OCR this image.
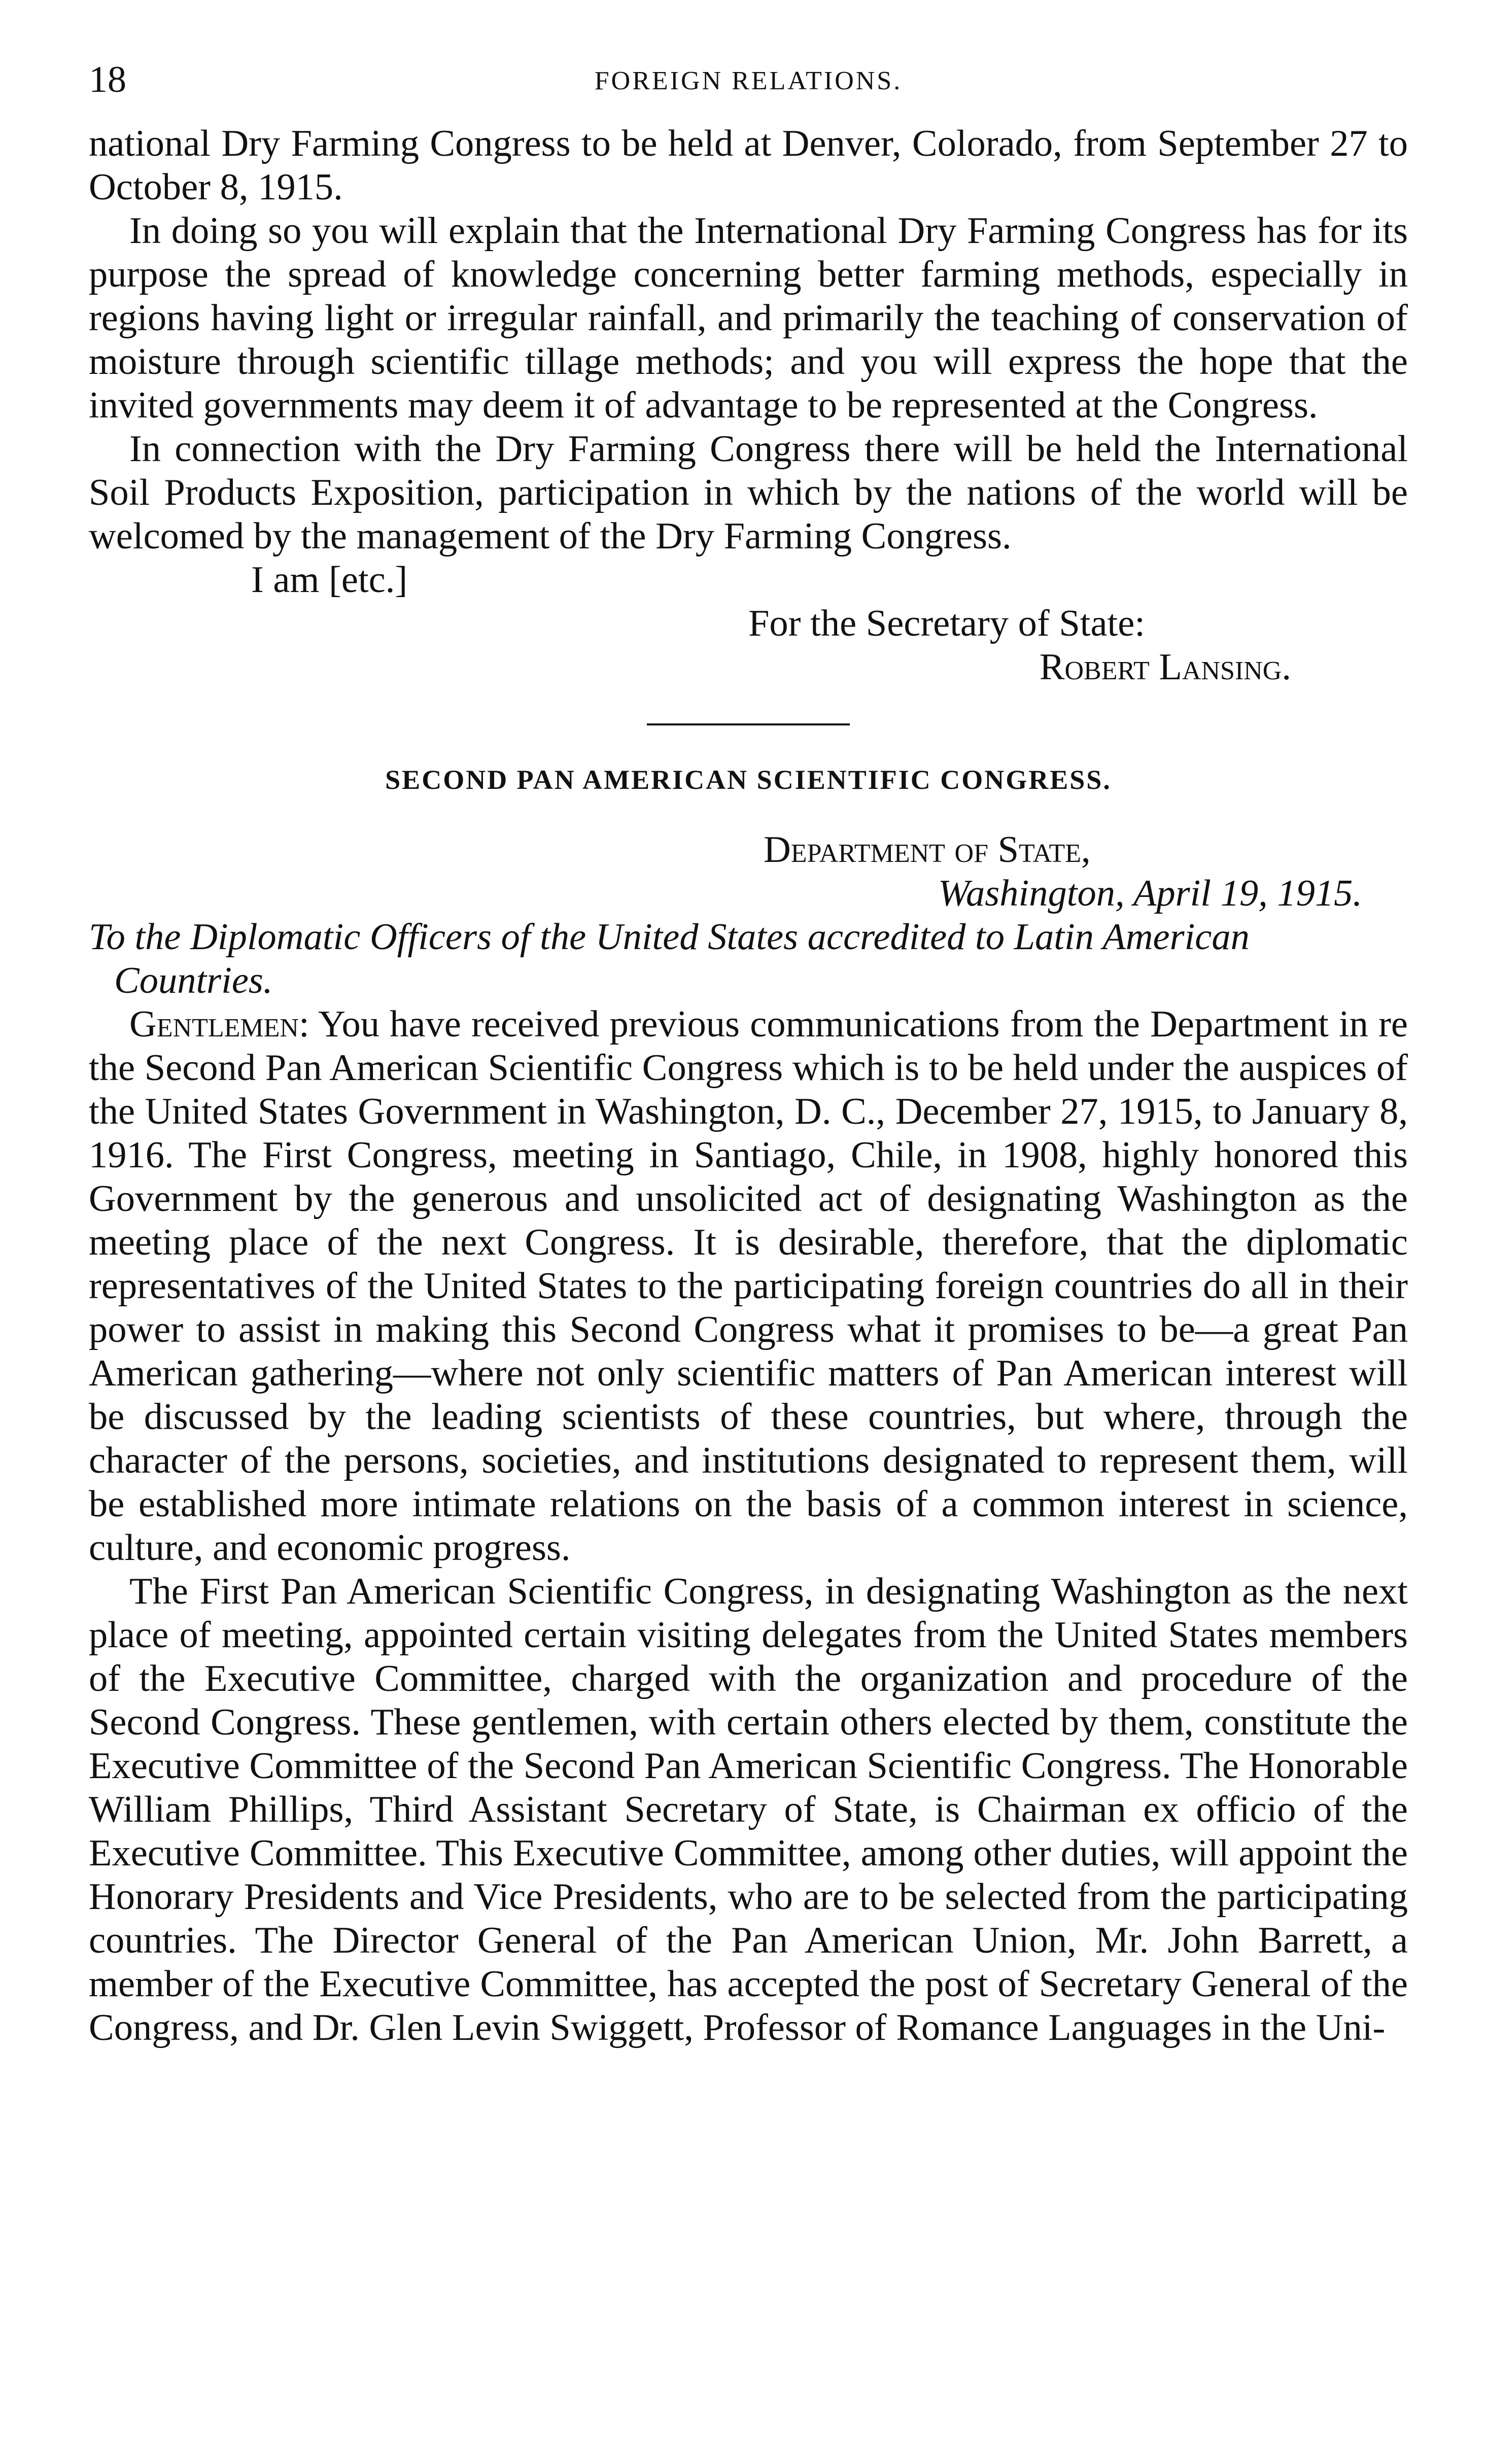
18	FOREIGN RELATIONS.

national Dry Farming Congress to be held at Denver, Colorado, from September 27 to October 8, 1915.

In doing so you will explain that the International Dry Farming Congress has for its purpose the spread of knowledge concerning better farming methods, especially in regions having light or irregular rainfall, and primarily the teaching of conservation of moisture through scientific tillage methods; and you will express the hope that the invited governments may deem it of advantage to be represented at the Congress.

In connection with the Dry Farming Congress there will be held the International Soil Products Exposition, participation in which by the nations of the world will be welcomed by the management of the Dry Farming Congress.

I am [etc.]

For the Secretary of State:
Robert Lansing.
SECOND PAN AMERICAN SCIENTIFIC CONGRESS.
Department of State,
Washington, April 19, 1915.

To the Diplomatic Officers of the United States accredited to Latin American Countries.

Gentlemen: You have received previous communications from the Department in re the Second Pan American Scientific Congress which is to be held under the auspices of the United States Government in Washington, D. C., December 27, 1915, to January 8, 1916. The First Congress, meeting in Santiago, Chile, in 1908, highly honored this Government by the generous and unsolicited act of designating Washington as the meeting place of the next Congress. It is desirable, therefore, that the diplomatic representatives of the United States to the participating foreign countries do all in their power to assist in making this Second Congress what it promises to be—a great Pan American gathering—where not only scientific matters of Pan American interest will be discussed by the leading scientists of these countries, but where, through the character of the persons, societies, and institutions designated to represent them, will be established more intimate relations on the basis of a common interest in science, culture, and economic progress.

The First Pan American Scientific Congress, in designating Washington as the next place of meeting, appointed certain visiting delegates from the United States members of the Executive Committee, charged with the organization and procedure of the Second Congress. These gentlemen, with certain others elected by them, constitute the Executive Committee of the Second Pan American Scientific Congress. The Honorable William Phillips, Third Assistant Secretary of State, is Chairman ex officio of the Executive Committee. This Executive Committee, among other duties, will appoint the Honorary Presidents and Vice Presidents, who are to be selected from the participating countries. The Director General of the Pan American Union, Mr. John Barrett, a member of the Executive Committee, has accepted the post of Secretary General of the Congress, and Dr. Glen Levin Swiggett, Professor of Romance Languages in the Uni-
